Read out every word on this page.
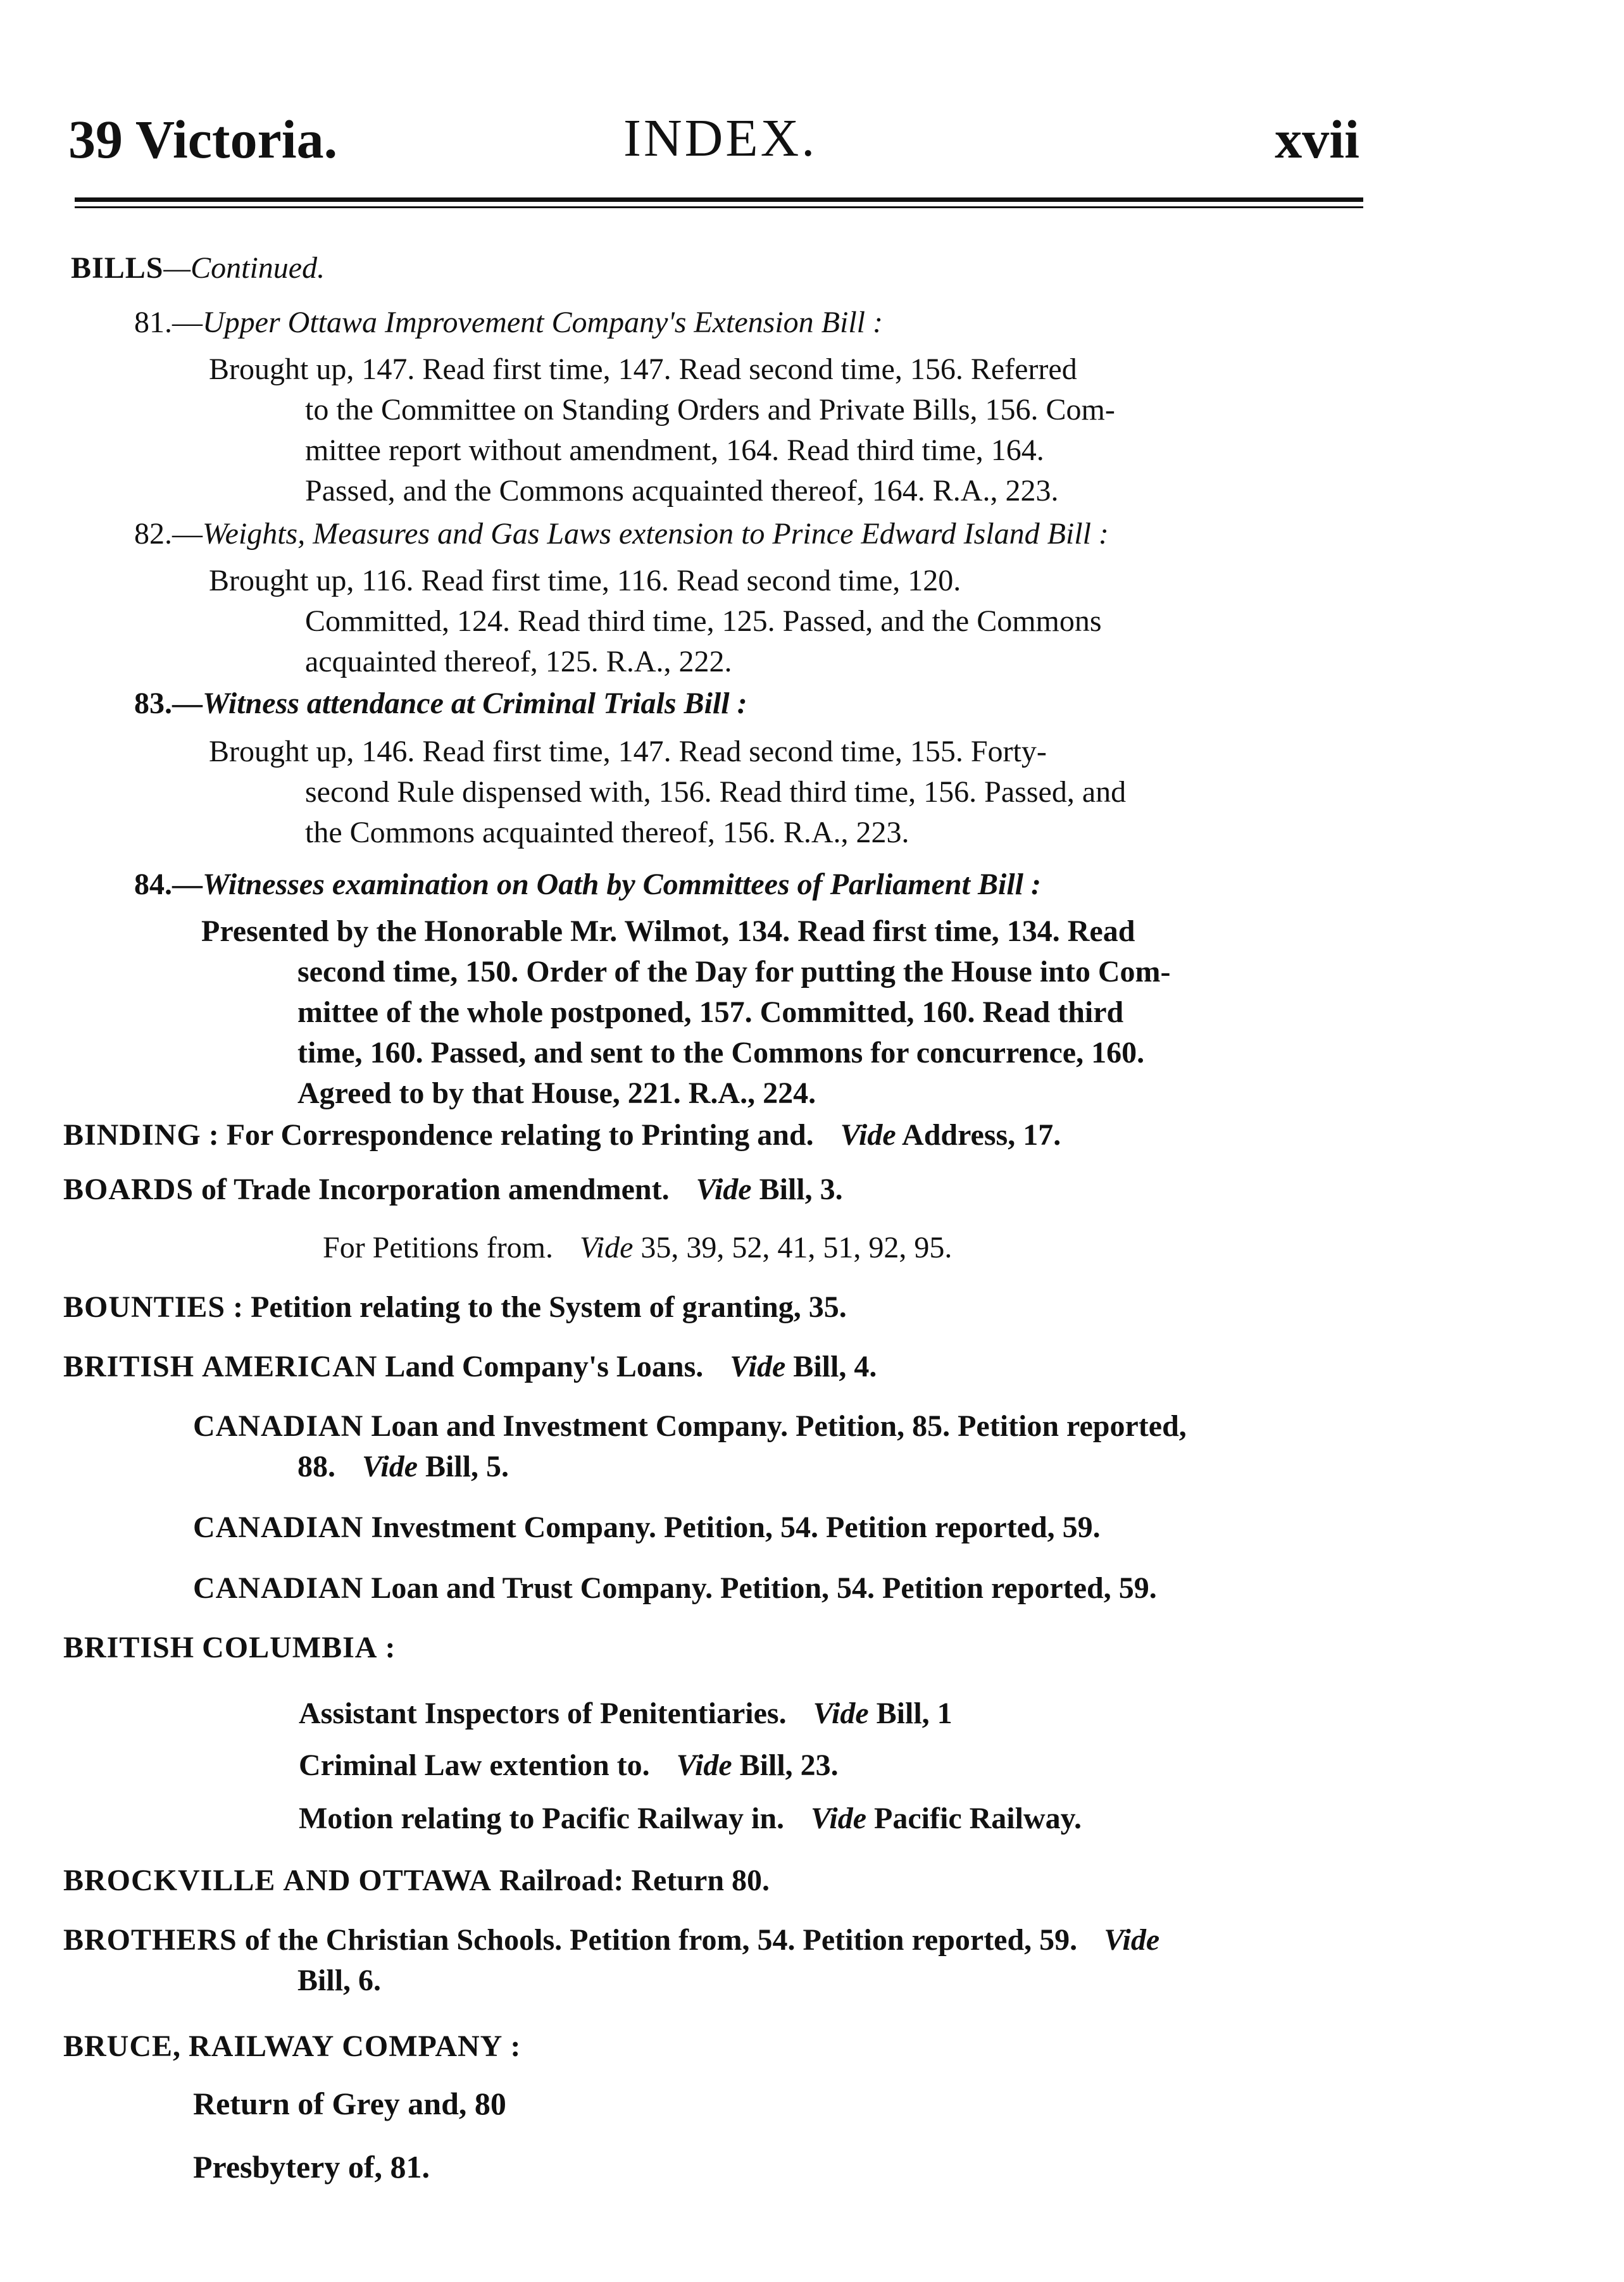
39 Victoria.	INDEX.	xvii
BILLS—Continued.
81.—Upper Ottawa Improvement Company's Extension Bill :
Brought up, 147. Read first time, 147. Read second time, 156. Referred
to the Committee on Standing Orders and Private Bills, 156. Com-
mittee report without amendment, 164. Read third time, 164.
Passed, and the Commons acquainted thereof, 164. R.A., 223.
82.—Weights, Measures and Gas Laws extension to Prince Edward Island Bill :
Brought up, 116. Read first time, 116. Read second time, 120.
Committed, 124. Read third time, 125. Passed, and the Commons
acquainted thereof, 125. R.A., 222.
83.—Witness attendance at Criminal Trials Bill :
Brought up, 146. Read first time, 147. Read second time, 155. Forty-
second Rule dispensed with, 156. Read third time, 156. Passed, and
the Commons acquainted thereof, 156. R.A., 223.
84.—Witnesses examination on Oath by Committees of Parliament Bill :
Presented by the Honorable Mr. Wilmot, 134. Read first time, 134. Read
second time, 150. Order of the Day for putting the House into Com-
mittee of the whole postponed, 157. Committed, 160. Read third
time, 160. Passed, and sent to the Commons for concurrence, 160.
Agreed to by that House, 221. R.A., 224.
BINDING : For Correspondence relating to Printing and. Vide Address, 17.
BOARDS of Trade Incorporation amendment. Vide Bill, 3.
For Petitions from. Vide 35, 39, 52, 41, 51, 92, 95.
BOUNTIES : Petition relating to the System of granting, 35.
BRITISH AMERICAN Land Company's Loans. Vide Bill, 4.
CANADIAN Loan and Investment Company. Petition, 85. Petition reported,
88. Vide Bill, 5.
CANADIAN Investment Company. Petition, 54. Petition reported, 59.
CANADIAN Loan and Trust Company. Petition, 54. Petition reported, 59.
BRITISH COLUMBIA :
Assistant Inspectors of Penitentiaries. Vide Bill, 1
Criminal Law extention to. Vide Bill, 23.
Motion relating to Pacific Railway in. Vide Pacific Railway.
BROCKVILLE AND OTTAWA Railroad: Return 80.
BROTHERS of the Christian Schools. Petition from, 54. Petition reported, 59. Vide
Bill, 6.
BRUCE, RAILWAY COMPANY :
Return of Grey and, 80
Presbytery of, 81.
